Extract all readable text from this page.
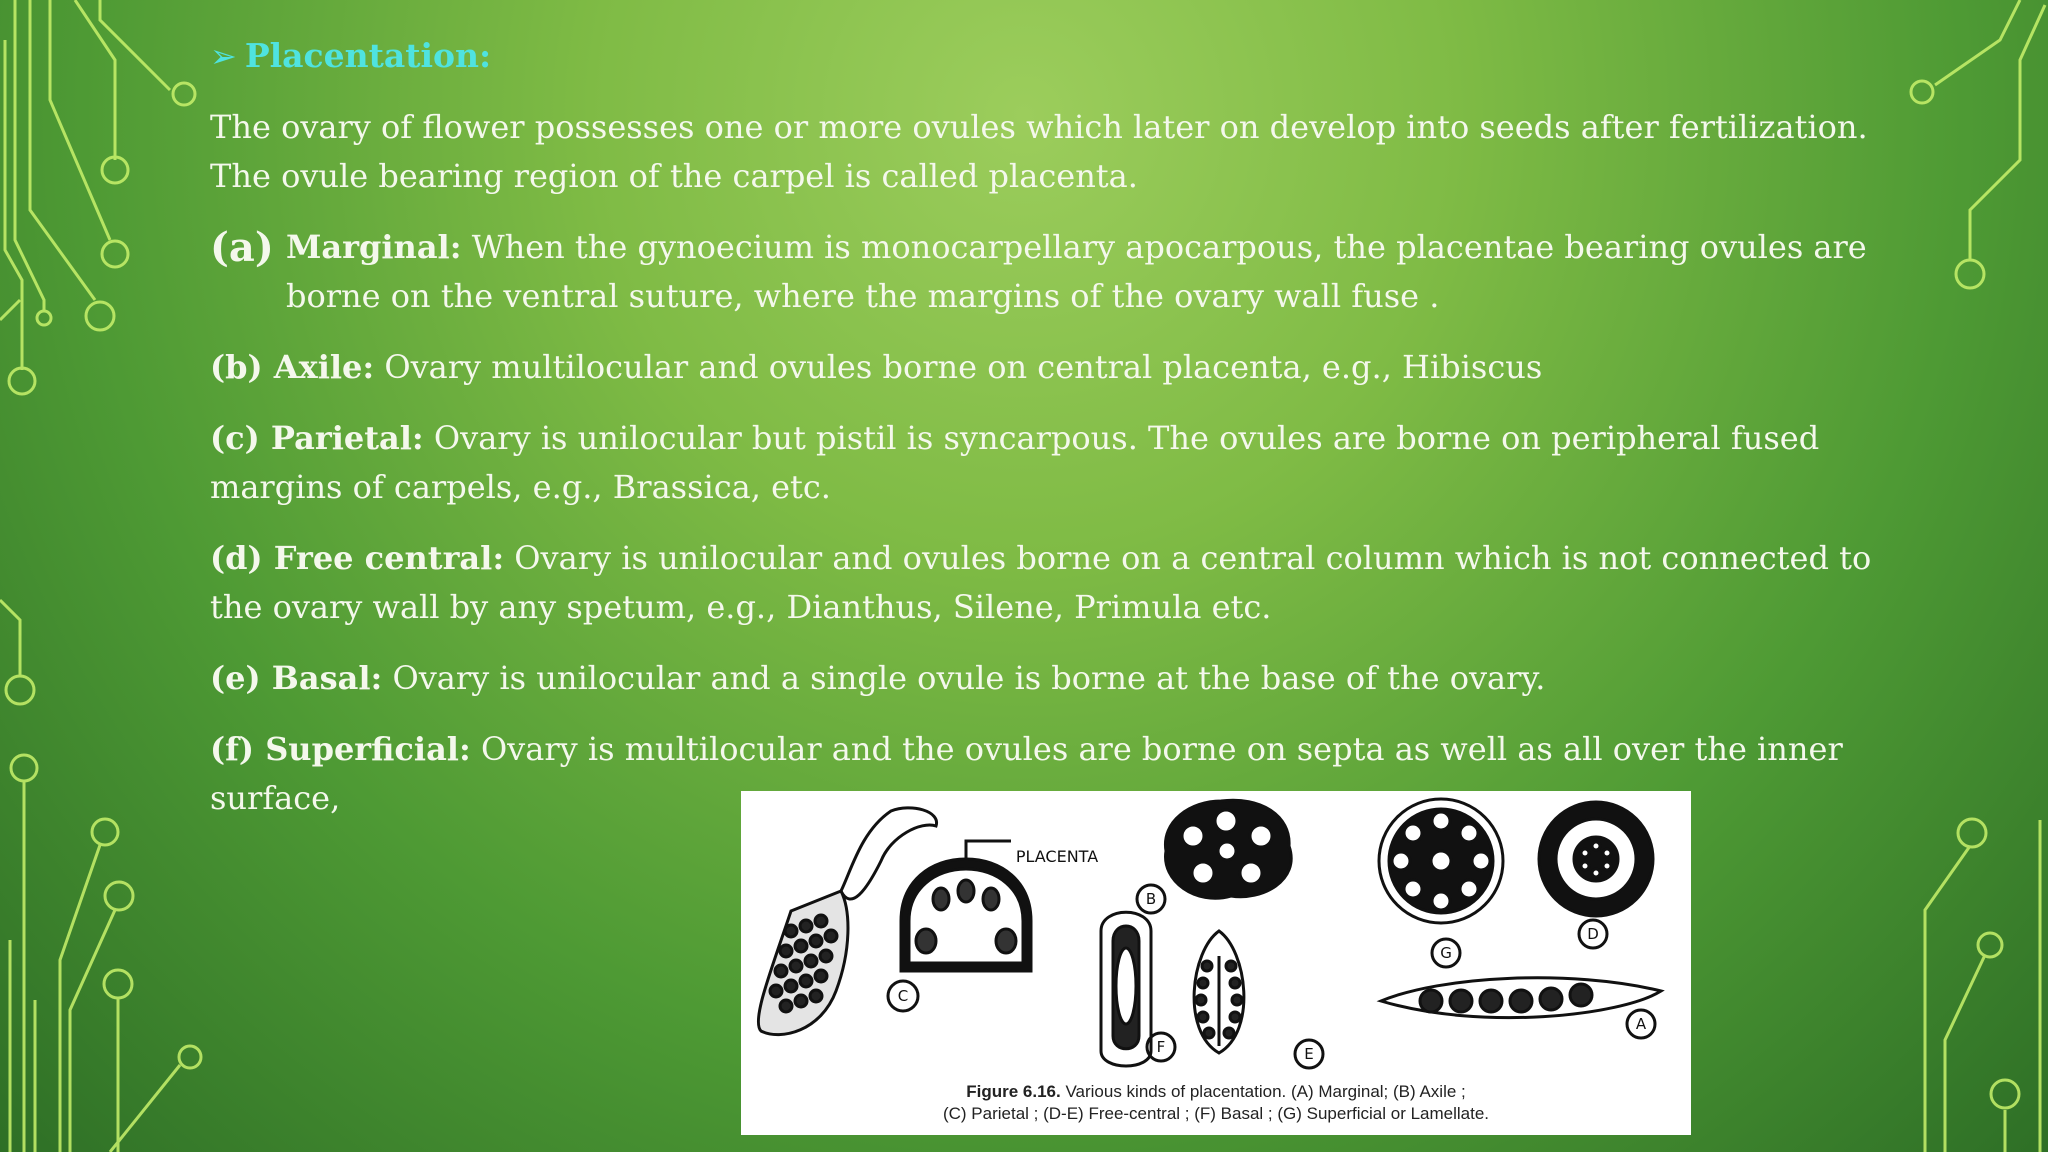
➢ Placentation:

The ovary of flower possesses one or more ovules which later on develop into seeds after fertilization. The ovule bearing region of the carpel is called placenta.

(a) Marginal: When the gynoecium is monocarpellary apocarpous, the placentae bearing ovules are borne on the ventral suture, where the margins of the ovary wall fuse .

(b) Axile: Ovary multilocular and ovules borne on central placenta, e.g., Hibiscus

(c) Parietal: Ovary is unilocular but pistil is syncarpous. The ovules are borne on peripheral fused margins of carpels, e.g., Brassica, etc.

(d) Free central: Ovary is unilocular and ovules borne on a central column which is not connected to the ovary wall by any spetum, e.g., Dianthus, Silene, Primula etc.

(e) Basal: Ovary is unilocular and a single ovule is borne at the base of the ovary.

(f) Superficial: Ovary is multilocular and the ovules are borne on septa as well as all over the inner surface,

C
B
F	E
G
D
A
PLACENTA
Figure 6.16. Various kinds of placentation. (A) Marginal; (B) Axile ;
(C) Parietal ; (D-E) Free-central ; (F) Basal ; (G) Superficial or Lamellate.
